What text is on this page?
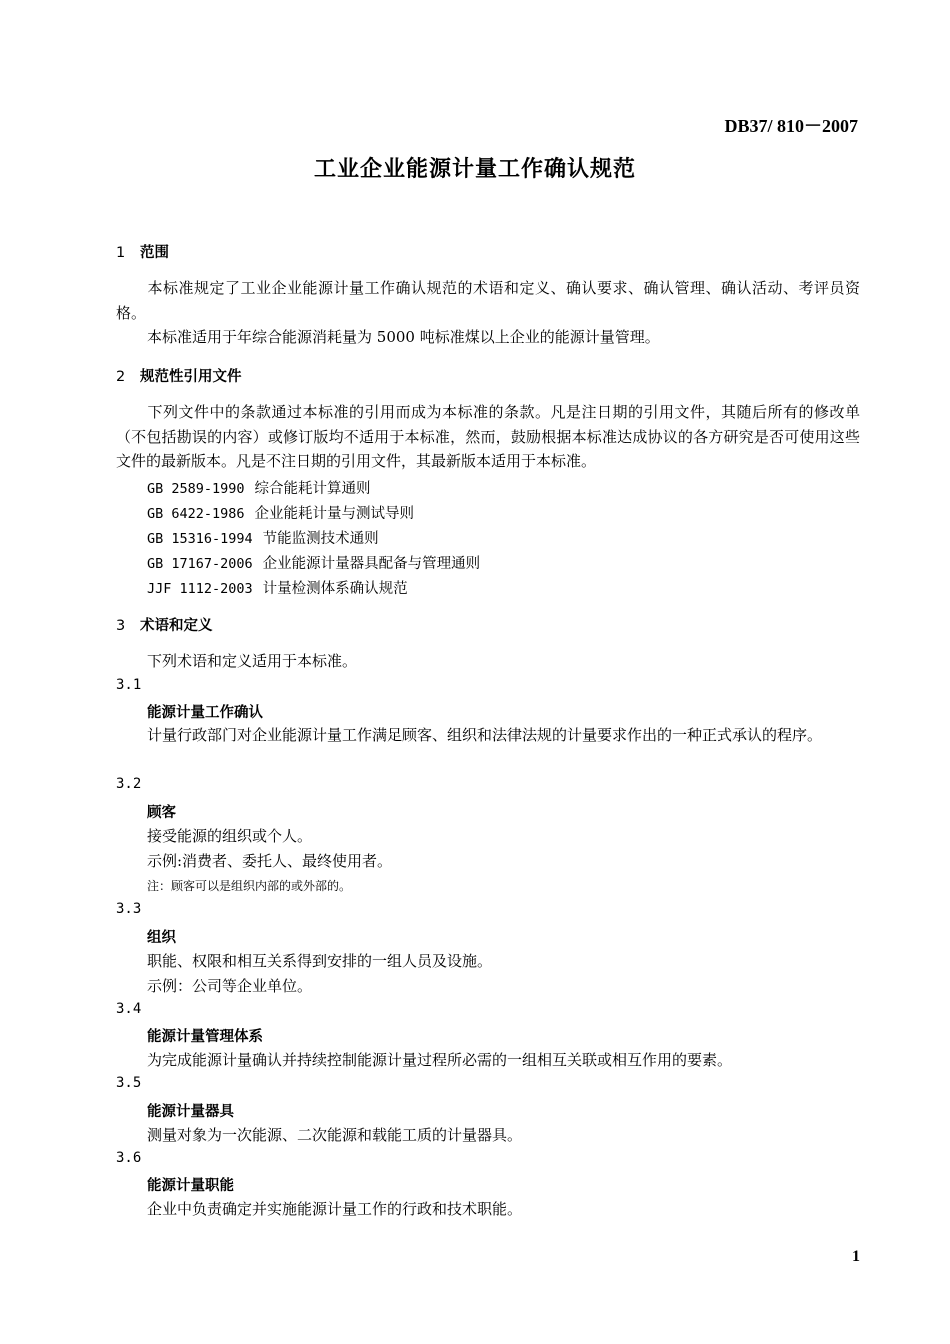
DB37/ 810－2007
工业企业能源计量工作确认规范
1 范围
本标准规定了工业企业能源计量工作确认规范的术语和定义、确认要求、确认管理、确认活动、考评员资格。
本标准适用于年综合能源消耗量为 5000 吨标准煤以上企业的能源计量管理。
2 规范性引用文件
下列文件中的条款通过本标准的引用而成为本标准的条款。凡是注日期的引用文件，其随后所有的修改单（不包括勘误的内容）或修订版均不适用于本标准，然而，鼓励根据本标准达成协议的各方研究是否可使用这些文件的最新版本。凡是不注日期的引用文件，其最新版本适用于本标准。
GB 2589-1990 综合能耗计算通则
GB 6422-1986 企业能耗计量与测试导则
GB 15316-1994 节能监测技术通则
GB 17167-2006 企业能源计量器具配备与管理通则
JJF 1112-2003 计量检测体系确认规范
3 术语和定义
下列术语和定义适用于本标准。
3.1
能源计量工作确认
计量行政部门对企业能源计量工作满足顾客、组织和法律法规的计量要求作出的一种正式承认的程序。
3.2
顾客
接受能源的组织或个人。
示例:消费者、委托人、最终使用者。
注：顾客可以是组织内部的或外部的。
3.3
组织
职能、权限和相互关系得到安排的一组人员及设施。
示例：公司等企业单位。
3.4
能源计量管理体系
为完成能源计量确认并持续控制能源计量过程所必需的一组相互关联或相互作用的要素。
3.5
能源计量器具
测量对象为一次能源、二次能源和载能工质的计量器具。
3.6
能源计量职能
企业中负责确定并实施能源计量工作的行政和技术职能。
1
